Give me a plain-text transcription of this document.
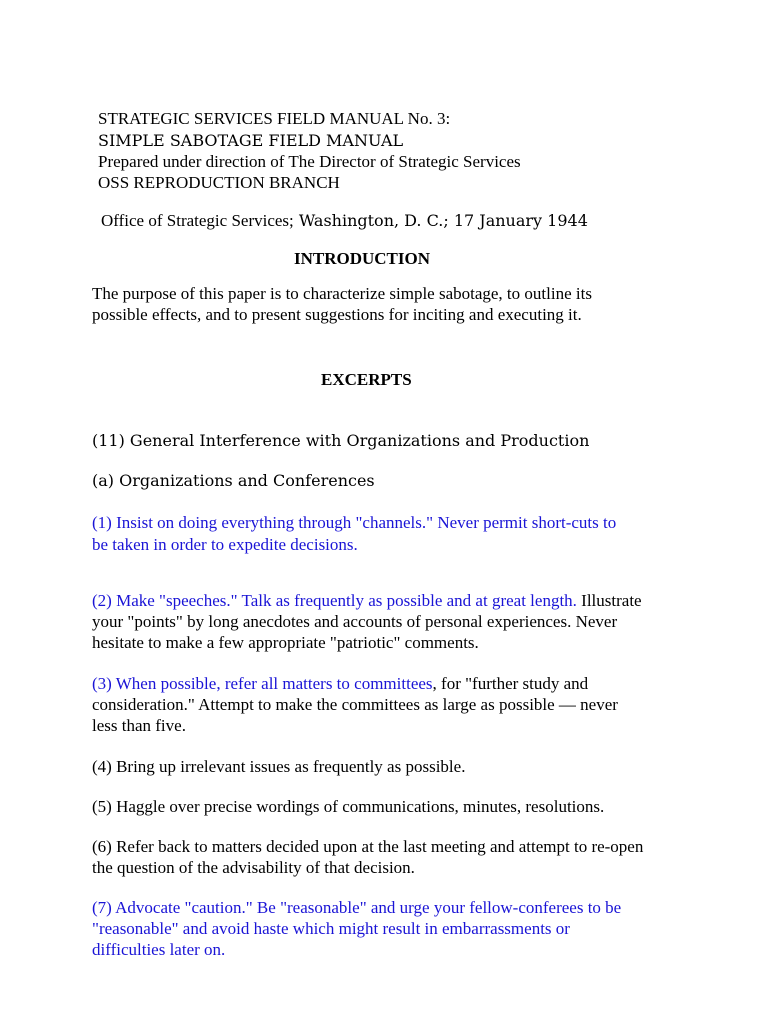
STRATEGIC SERVICES FIELD MANUAL No. 3:
SIMPLE SABOTAGE FIELD MANUAL
Prepared under direction of The Director of Strategic Services
OSS REPRODUCTION BRANCH
Office of Strategic Services; Washington, D. C.; 17 January 1944
INTRODUCTION
The purpose of this paper is to characterize simple sabotage, to outline its
possible effects, and to present suggestions for inciting and executing it.
EXCERPTS
(11) General Interference with Organizations and Production
(a) Organizations and Conferences
(1) Insist on doing everything through "channels." Never permit short-cuts to
be taken in order to expedite decisions.
(2) Make "speeches." Talk as frequently as possible and at great length. Illustrate
your "points" by long anecdotes and accounts of personal experiences. Never
hesitate to make a few appropriate "patriotic" comments.
(3) When possible, refer all matters to committees, for "further study and
consideration." Attempt to make the committees as large as possible — never
less than five.
(4) Bring up irrelevant issues as frequently as possible.
(5) Haggle over precise wordings of communications, minutes, resolutions.
(6) Refer back to matters decided upon at the last meeting and attempt to re-open
the question of the advisability of that decision.
(7) Advocate "caution." Be "reasonable" and urge your fellow-conferees to be
"reasonable" and avoid haste which might result in embarrassments or
difficulties later on.
